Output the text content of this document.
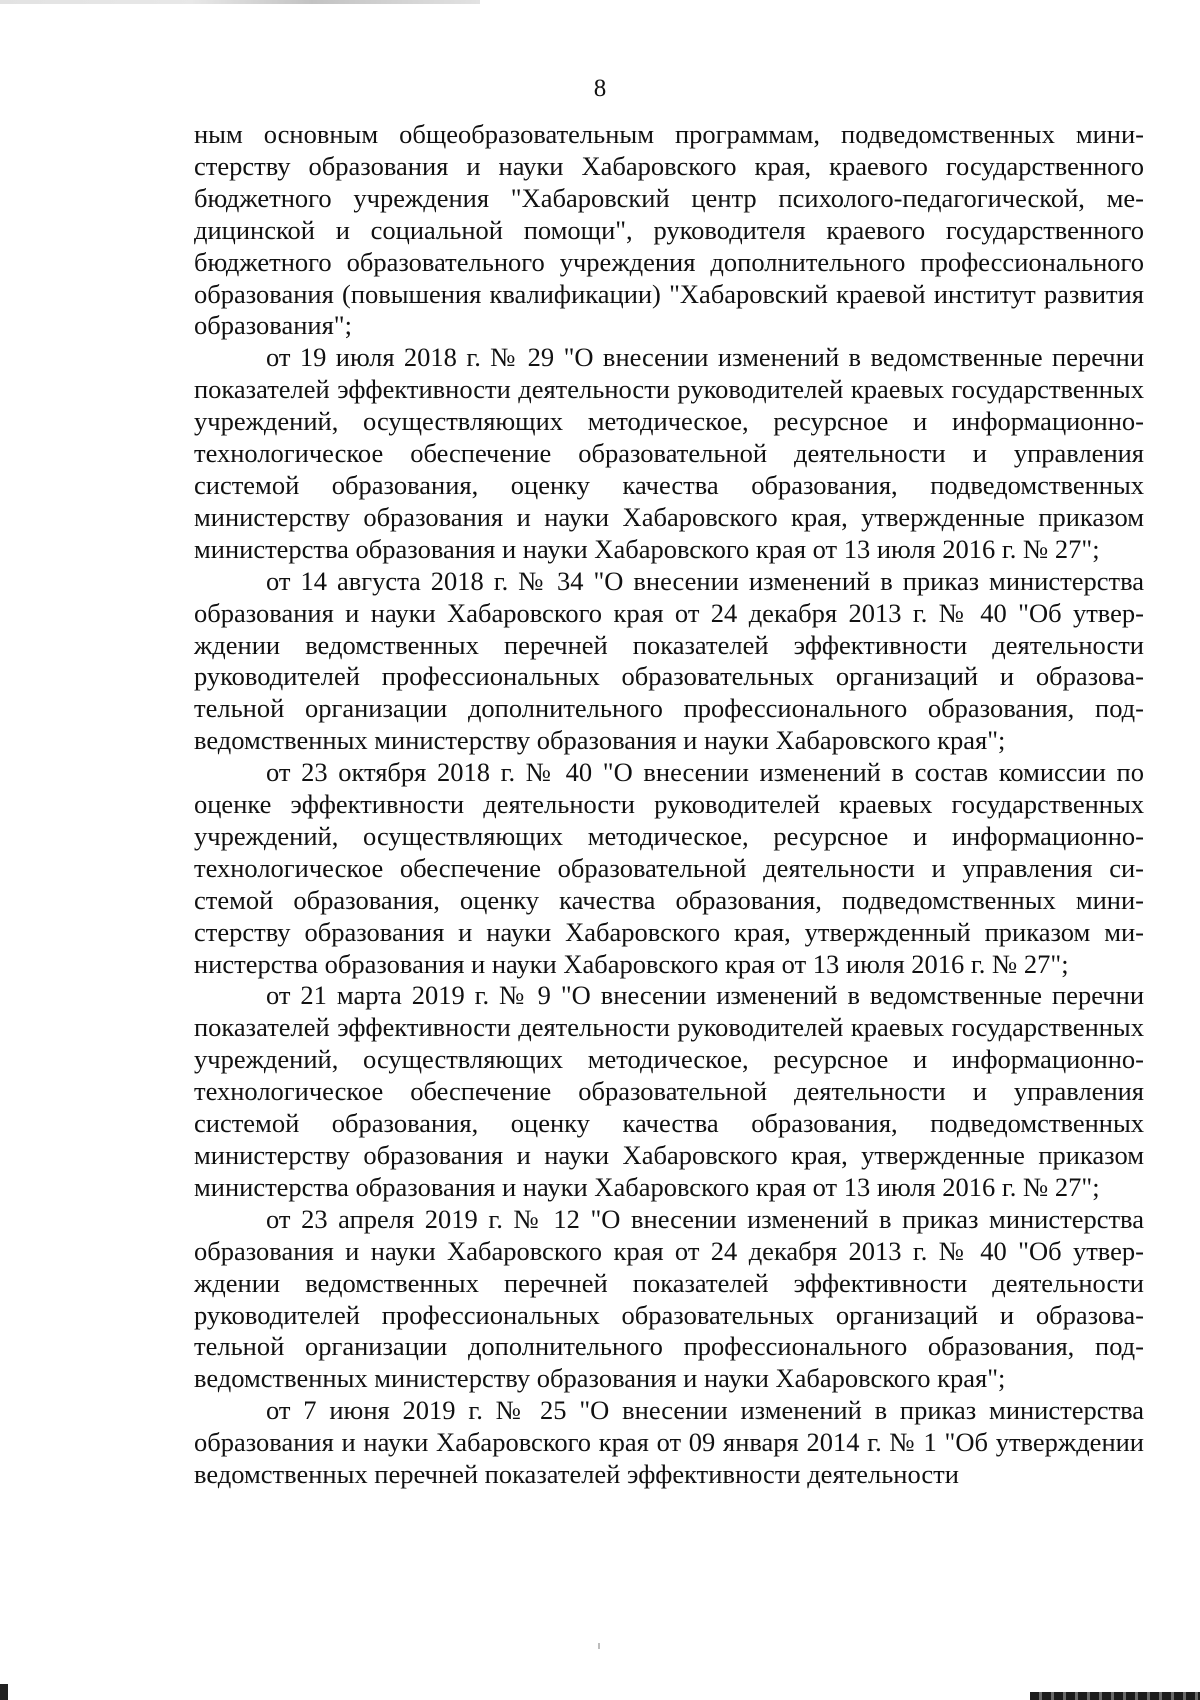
8

ным основным общеобразовательным программам, подведомственных министерству образования и науки Хабаровского края, краевого государственного бюджетного учреждения "Хабаровский центр психолого-педагогической, медицинской и социальной помощи", руководителя краевого государственного бюджетного образовательного учреждения дополнительного профессионального образования (повышения квалификации) "Хабаровский краевой институт развития образования";

от 19 июля 2018 г. № 29 "О внесении изменений в ведомственные перечни показателей эффективности деятельности руководителей краевых государственных учреждений, осуществляющих методическое, ресурсное и информационно-технологическое обеспечение образовательной деятельности и управления системой образования, оценку качества образования, подведомственных министерству образования и науки Хабаровского края, утвержденные приказом министерства образования и науки Хабаровского края от 13 июля 2016 г. № 27";

от 14 августа 2018 г. № 34 "О внесении изменений в приказ министерства образования и науки Хабаровского края от 24 декабря 2013 г. № 40 "Об утверждении ведомственных перечней показателей эффективности деятельности руководителей профессиональных образовательных организаций и образовательной организации дополнительного профессионального образования, подведомственных министерству образования и науки Хабаровского края";

от 23 октября 2018 г. № 40 "О внесении изменений в состав комиссии по оценке эффективности деятельности руководителей краевых государственных учреждений, осуществляющих методическое, ресурсное и информационно-технологическое обеспечение образовательной деятельности и управления системой образования, оценку качества образования, подведомственных министерству образования и науки Хабаровского края, утвержденный приказом министерства образования и науки Хабаровского края от 13 июля 2016 г. № 27";

от 21 марта 2019 г. № 9 "О внесении изменений в ведомственные перечни показателей эффективности деятельности руководителей краевых государственных учреждений, осуществляющих методическое, ресурсное и информационно-технологическое обеспечение образовательной деятельности и управления системой образования, оценку качества образования, подведомственных министерству образования и науки Хабаровского края, утвержденные приказом министерства образования и науки Хабаровского края от 13 июля 2016 г. № 27";

от 23 апреля 2019 г. № 12 "О внесении изменений в приказ министерства образования и науки Хабаровского края от 24 декабря 2013 г. № 40 "Об утверждении ведомственных перечней показателей эффективности деятельности руководителей профессиональных образовательных организаций и образовательной организации дополнительного профессионального образования, подведомственных министерству образования и науки Хабаровского края";

от 7 июня 2019 г. № 25 "О внесении изменений в приказ министерства образования и науки Хабаровского края от 09 января 2014 г. № 1 "Об утверждении ведомственных перечней показателей эффективности деятельности
